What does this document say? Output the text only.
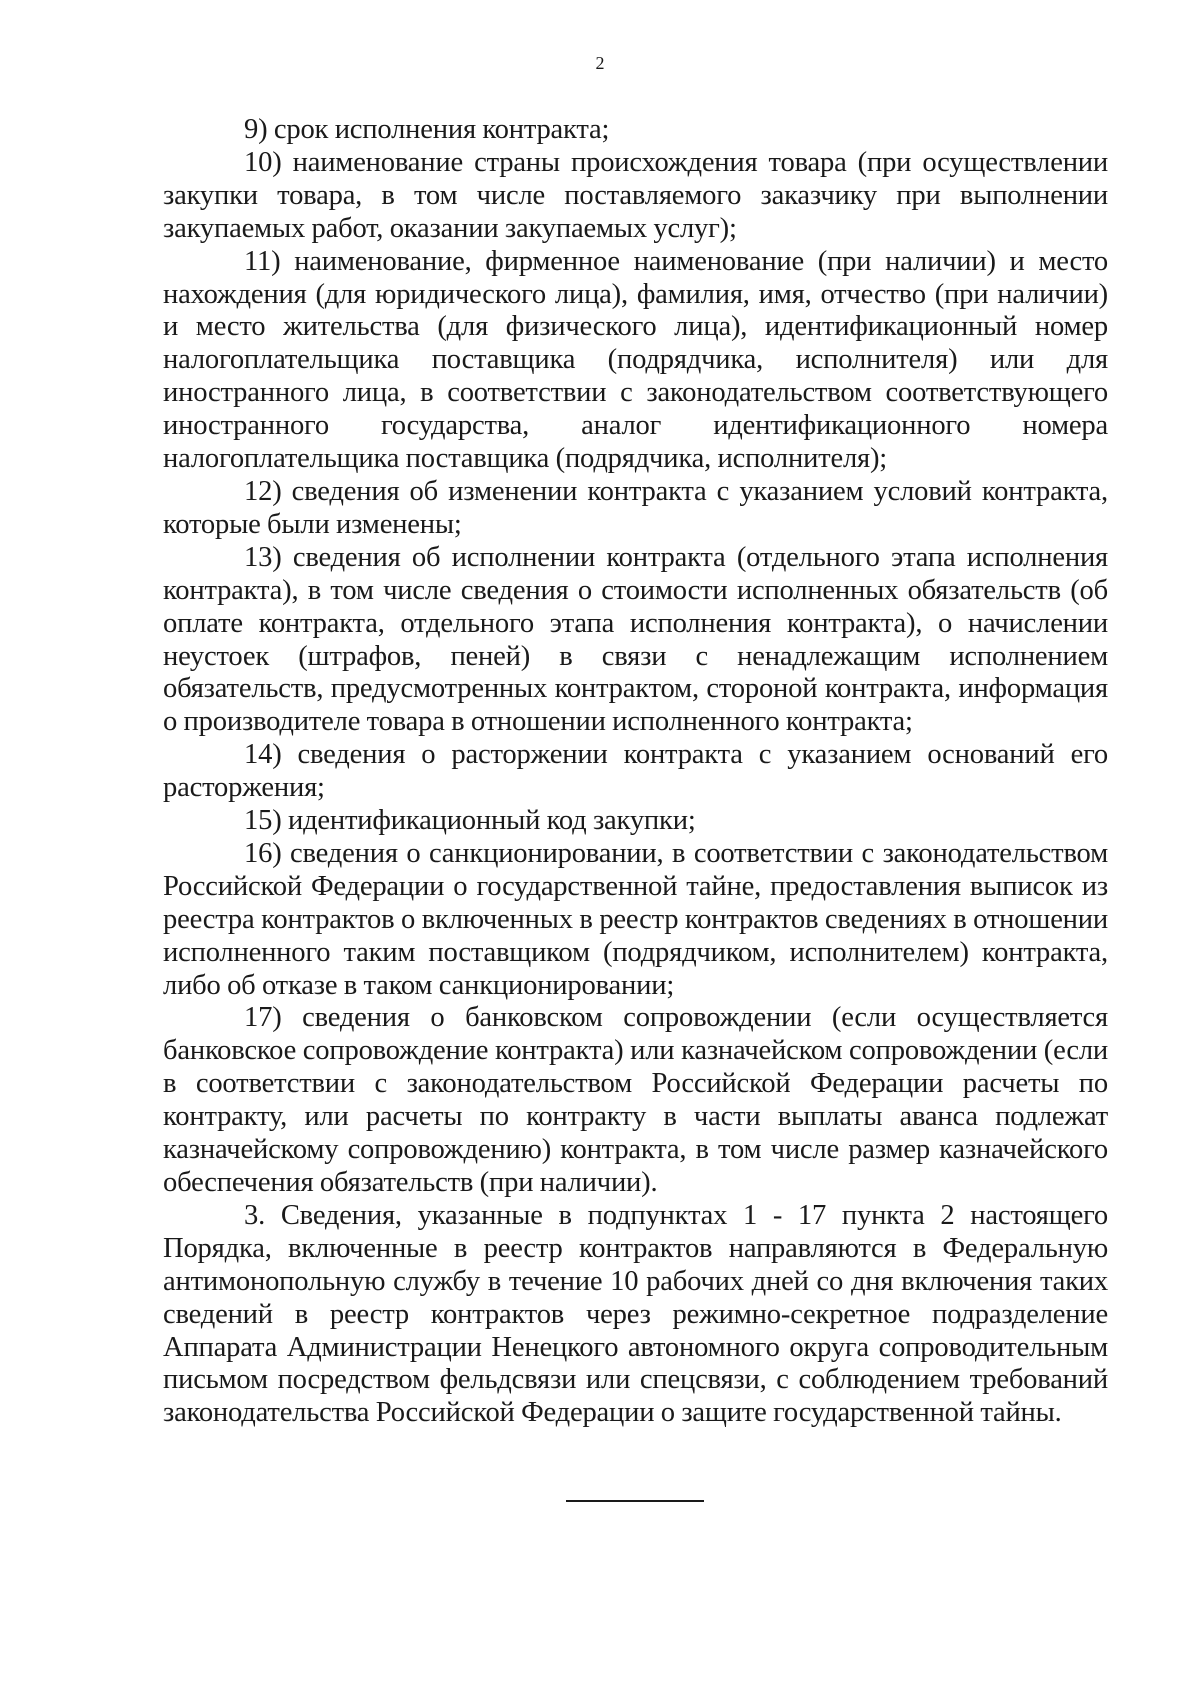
2

9) срок исполнения контракта;

10) наименование страны происхождения товара (при осуществлении закупки товара, в том числе поставляемого заказчику при выполнении закупаемых работ, оказании закупаемых услуг);

11) наименование, фирменное наименование (при наличии) и место нахождения (для юридического лица), фамилия, имя, отчество (при наличии) и место жительства (для физического лица), идентификационный номер налогоплательщика поставщика (подрядчика, исполнителя) или для иностранного лица, в соответствии с законодательством соответствующего иностранного государства, аналог идентификационного номера налогоплательщика поставщика (подрядчика, исполнителя);

12) сведения об изменении контракта с указанием условий контракта, которые были изменены;

13) сведения об исполнении контракта (отдельного этапа исполнения контракта), в том числе сведения о стоимости исполненных обязательств (об оплате контракта, отдельного этапа исполнения контракта), о начислении неустоек (штрафов, пеней) в связи с ненадлежащим исполнением обязательств, предусмотренных контрактом, стороной контракта, информация о производителе товара в отношении исполненного контракта;

14) сведения о расторжении контракта с указанием оснований его расторжения;

15) идентификационный код закупки;

16) сведения о санкционировании, в соответствии с законодательством Российской Федерации о государственной тайне, предоставления выписок из реестра контрактов о включенных в реестр контрактов сведениях в отношении исполненного таким поставщиком (подрядчиком, исполнителем) контракта, либо об отказе в таком санкционировании;

17) сведения о банковском сопровождении (если осуществляется банковское сопровождение контракта) или казначейском сопровождении (если в соответствии с законодательством Российской Федерации расчеты по контракту, или расчеты по контракту в части выплаты аванса подлежат казначейскому сопровождению) контракта, в том числе размер казначейского обеспечения обязательств (при наличии).

3. Сведения, указанные в подпунктах 1 - 17 пункта 2 настоящего Порядка, включенные в реестр контрактов направляются в Федеральную антимонопольную службу в течение 10 рабочих дней со дня включения таких сведений в реестр контрактов через режимно-секретное подразделение Аппарата Администрации Ненецкого автономного округа сопроводительным письмом посредством фельдсвязи или спецсвязи, с соблюдением требований законодательства Российской Федерации о защите государственной тайны.
